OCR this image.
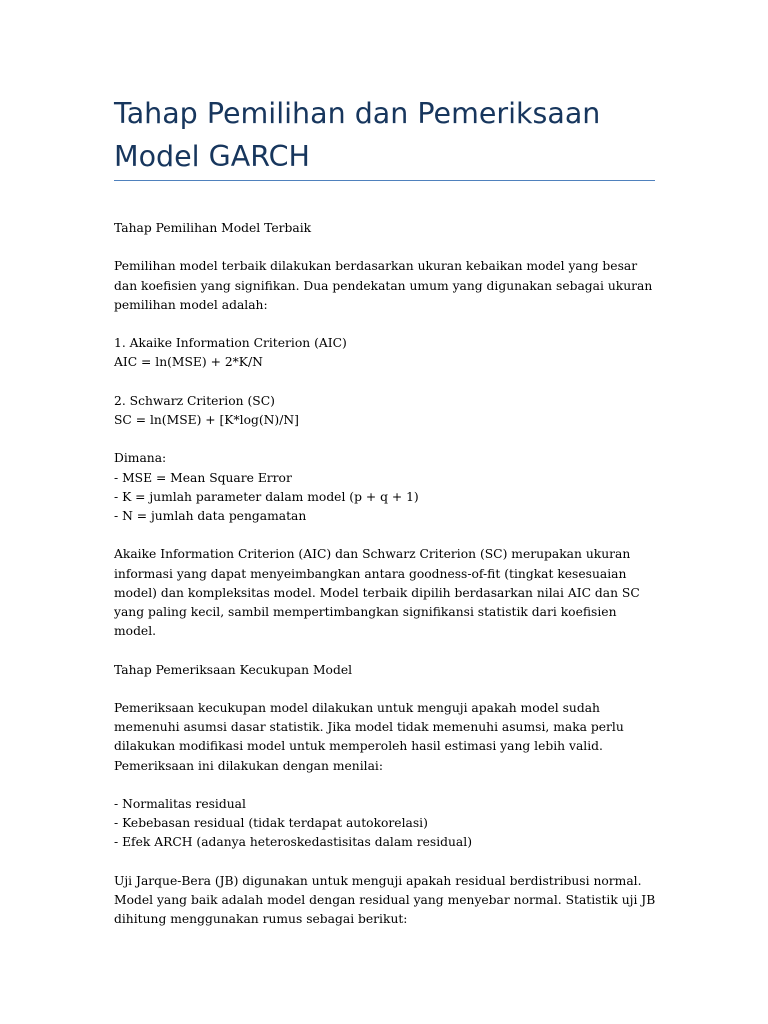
Tahap Pemilihan dan Pemeriksaan
Model GARCH

Tahap Pemilihan Model Terbaik

Pemilihan model terbaik dilakukan berdasarkan ukuran kebaikan model yang besar dan koefisien yang signifikan. Dua pendekatan umum yang digunakan sebagai ukuran pemilihan model adalah:

1. Akaike Information Criterion (AIC)

AIC = ln(MSE) + 2*K/N

2. Schwarz Criterion (SC)

SC = ln(MSE) + [K*log(N)/N]

Dimana:

- MSE = Mean Square Error

- K = jumlah parameter dalam model (p + q + 1)

- N = jumlah data pengamatan

Akaike Information Criterion (AIC) dan Schwarz Criterion (SC) merupakan ukuran informasi yang dapat menyeimbangkan antara goodness-of-fit (tingkat kesesuaian model) dan kompleksitas model. Model terbaik dipilih berdasarkan nilai AIC dan SC yang paling kecil, sambil mempertimbangkan signifikansi statistik dari koefisien model.

Tahap Pemeriksaan Kecukupan Model

Pemeriksaan kecukupan model dilakukan untuk menguji apakah model sudah memenuhi asumsi dasar statistik. Jika model tidak memenuhi asumsi, maka perlu dilakukan modifikasi model untuk memperoleh hasil estimasi yang lebih valid. Pemeriksaan ini dilakukan dengan menilai:

- Normalitas residual

- Kebebasan residual (tidak terdapat autokorelasi)

- Efek ARCH (adanya heteroskedastisitas dalam residual)

Uji Jarque-Bera (JB) digunakan untuk menguji apakah residual berdistribusi normal. Model yang baik adalah model dengan residual yang menyebar normal. Statistik uji JB dihitung menggunakan rumus sebagai berikut:
